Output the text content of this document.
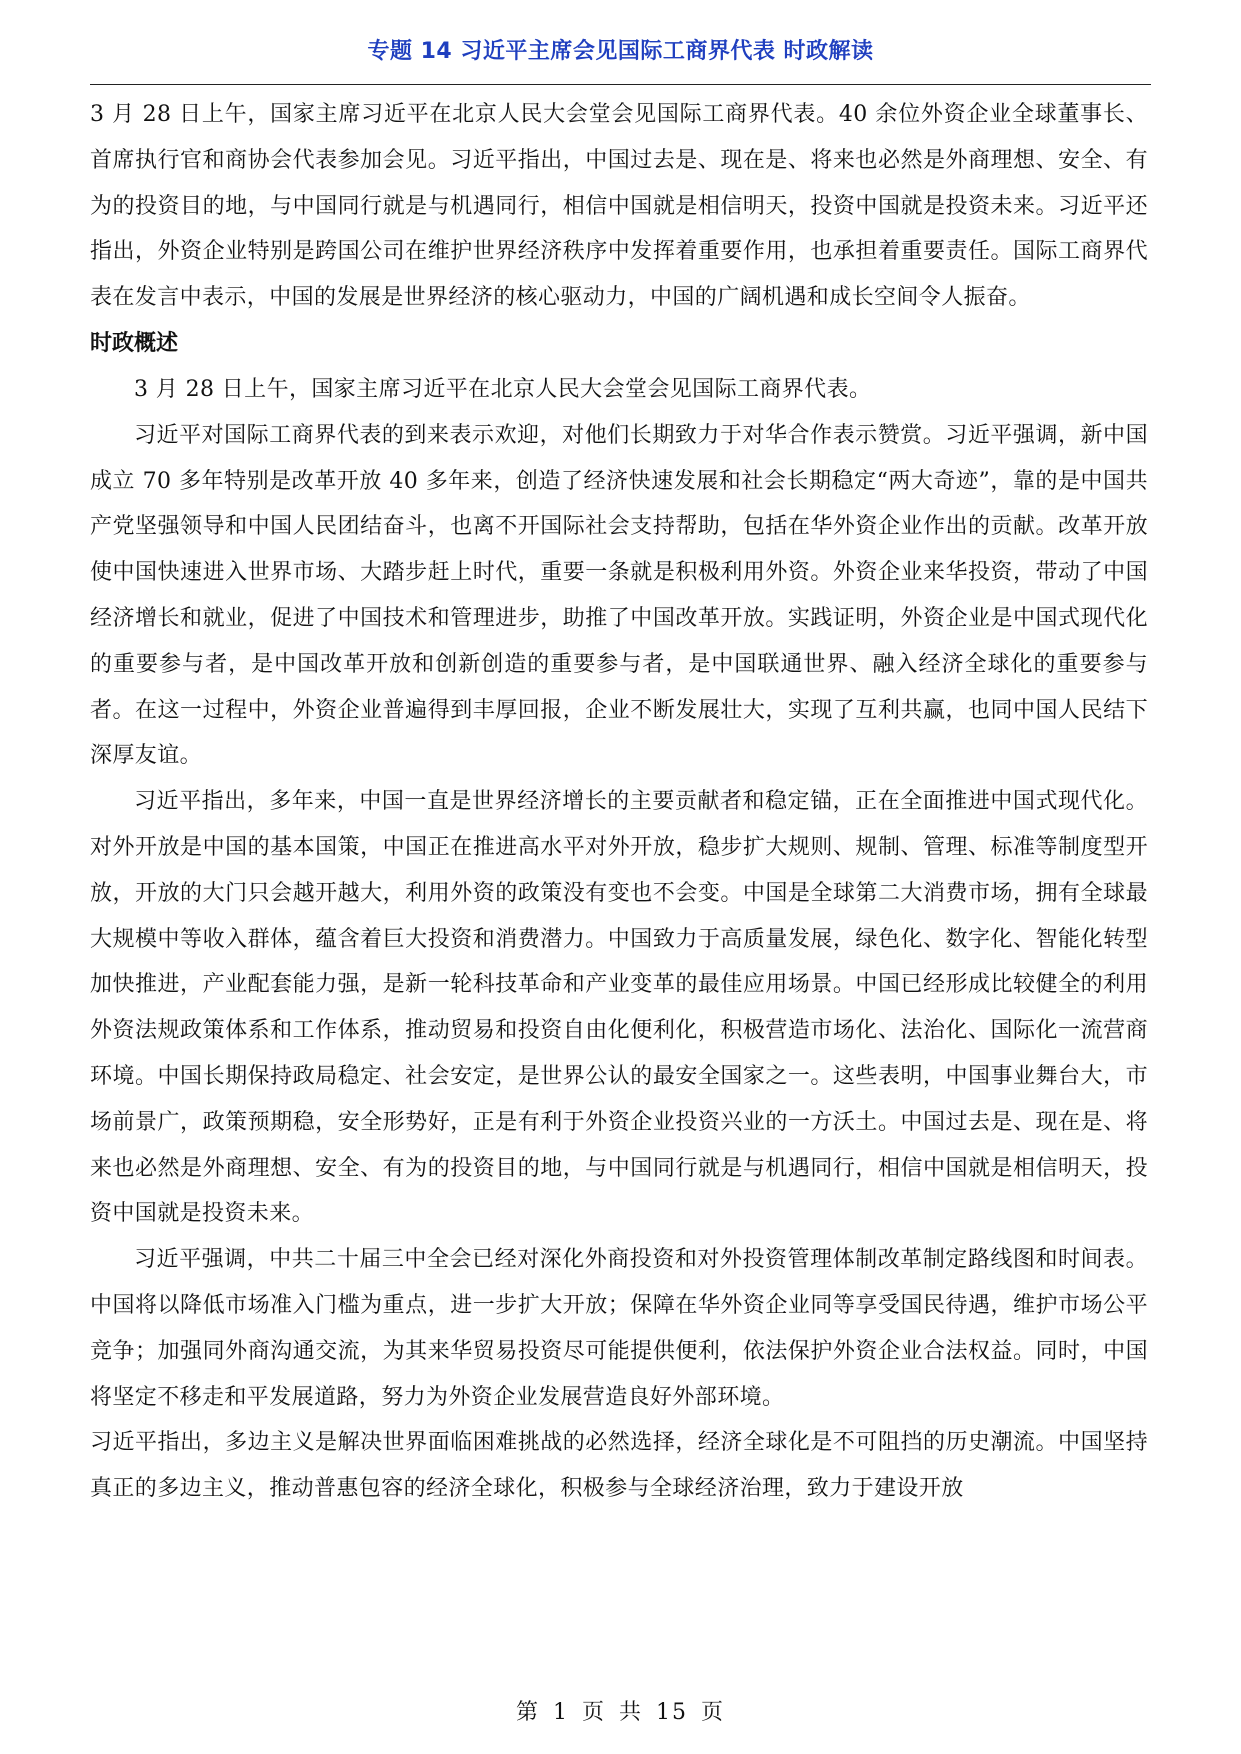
专题 14 习近平主席会见国际工商界代表 时政解读

3 月 28 日上午，国家主席习近平在北京人民大会堂会见国际工商界代表。40 余位外资企业全球董事长、首席执行官和商协会代表参加会见。习近平指出，中国过去是、现在是、将来也必然是外商理想、安全、有为的投资目的地，与中国同行就是与机遇同行，相信中国就是相信明天，投资中国就是投资未来。习近平还指出，外资企业特别是跨国公司在维护世界经济秩序中发挥着重要作用，也承担着重要责任。国际工商界代表在发言中表示，中国的发展是世界经济的核心驱动力，中国的广阔机遇和成长空间令人振奋。

时政概述

3 月 28 日上午，国家主席习近平在北京人民大会堂会见国际工商界代表。

习近平对国际工商界代表的到来表示欢迎，对他们长期致力于对华合作表示赞赏。习近平强调，新中国成立 70 多年特别是改革开放 40 多年来，创造了经济快速发展和社会长期稳定“两大奇迹”，靠的是中国共产党坚强领导和中国人民团结奋斗，也离不开国际社会支持帮助，包括在华外资企业作出的贡献。改革开放使中国快速进入世界市场、大踏步赶上时代，重要一条就是积极利用外资。外资企业来华投资，带动了中国经济增长和就业，促进了中国技术和管理进步，助推了中国改革开放。实践证明，外资企业是中国式现代化的重要参与者，是中国改革开放和创新创造的重要参与者，是中国联通世界、融入经济全球化的重要参与者。在这一过程中，外资企业普遍得到丰厚回报，企业不断发展壮大，实现了互利共赢，也同中国人民结下深厚友谊。

习近平指出，多年来，中国一直是世界经济增长的主要贡献者和稳定锚，正在全面推进中国式现代化。对外开放是中国的基本国策，中国正在推进高水平对外开放，稳步扩大规则、规制、管理、标准等制度型开放，开放的大门只会越开越大，利用外资的政策没有变也不会变。中国是全球第二大消费市场，拥有全球最大规模中等收入群体，蕴含着巨大投资和消费潜力。中国致力于高质量发展，绿色化、数字化、智能化转型加快推进，产业配套能力强，是新一轮科技革命和产业变革的最佳应用场景。中国已经形成比较健全的利用外资法规政策体系和工作体系，推动贸易和投资自由化便利化，积极营造市场化、法治化、国际化一流营商环境。中国长期保持政局稳定、社会安定，是世界公认的最安全国家之一。这些表明，中国事业舞台大，市场前景广，政策预期稳，安全形势好，正是有利于外资企业投资兴业的一方沃土。中国过去是、现在是、将来也必然是外商理想、安全、有为的投资目的地，与中国同行就是与机遇同行，相信中国就是相信明天，投资中国就是投资未来。

习近平强调，中共二十届三中全会已经对深化外商投资和对外投资管理体制改革制定路线图和时间表。中国将以降低市场准入门槛为重点，进一步扩大开放；保障在华外资企业同等享受国民待遇，维护市场公平竞争；加强同外商沟通交流，为其来华贸易投资尽可能提供便利，依法保护外资企业合法权益。同时，中国将坚定不移走和平发展道路，努力为外资企业发展营造良好外部环境。

习近平指出，多边主义是解决世界面临困难挑战的必然选择，经济全球化是不可阻挡的历史潮流。中国坚持真正的多边主义，推动普惠包容的经济全球化，积极参与全球经济治理，致力于建设开放

第 1 页 共 15 页
